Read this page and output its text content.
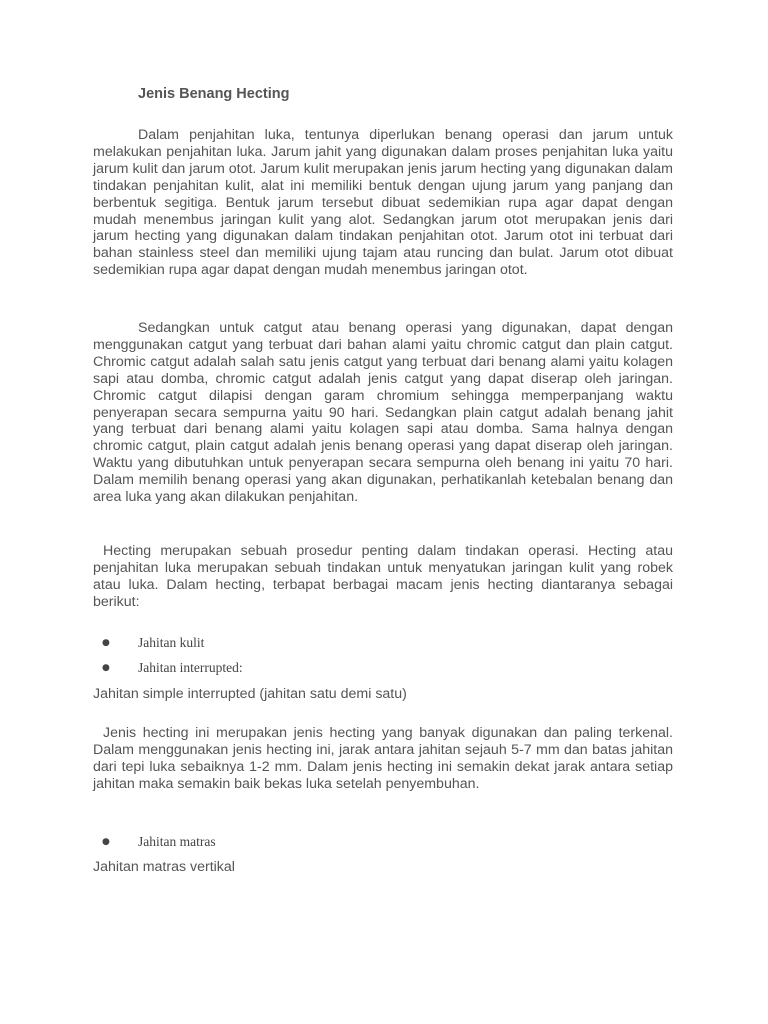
Jenis Benang Hecting

Dalam penjahitan luka, tentunya diperlukan benang operasi dan jarum untuk melakukan penjahitan luka. Jarum jahit yang digunakan dalam proses penjahitan luka yaitu jarum kulit dan jarum otot. Jarum kulit merupakan jenis jarum hecting yang digunakan dalam tindakan penjahitan kulit, alat ini memiliki bentuk dengan ujung jarum yang panjang dan berbentuk segitiga. Bentuk jarum tersebut dibuat sedemikian rupa agar dapat dengan mudah menembus jaringan kulit yang alot. Sedangkan jarum otot merupakan jenis dari jarum hecting yang digunakan dalam tindakan penjahitan otot. Jarum otot ini terbuat dari bahan stainless steel dan memiliki ujung tajam atau runcing dan bulat. Jarum otot dibuat sedemikian rupa agar dapat dengan mudah menembus jaringan otot.

Sedangkan untuk catgut atau benang operasi yang digunakan, dapat dengan menggunakan catgut yang terbuat dari bahan alami yaitu chromic catgut dan plain catgut. Chromic catgut adalah salah satu jenis catgut yang terbuat dari benang alami yaitu kolagen sapi atau domba, chromic catgut adalah jenis catgut yang dapat diserap oleh jaringan. Chromic catgut dilapisi dengan garam chromium sehingga memperpanjang waktu penyerapan secara sempurna yaitu 90 hari. Sedangkan plain catgut adalah benang jahit yang terbuat dari benang alami yaitu kolagen sapi atau domba. Sama halnya dengan chromic catgut, plain catgut adalah jenis benang operasi yang dapat diserap oleh jaringan. Waktu yang dibutuhkan untuk penyerapan secara sempurna oleh benang ini yaitu 70 hari. Dalam memilih benang operasi yang akan digunakan, perhatikanlah ketebalan benang dan area luka yang akan dilakukan penjahitan.

Hecting merupakan sebuah prosedur penting dalam tindakan operasi. Hecting atau penjahitan luka merupakan sebuah tindakan untuk menyatukan jaringan kulit yang robek atau luka. Dalam hecting, terbapat berbagai macam jenis hecting diantaranya sebagai berikut:

● Jahitan kulit

● Jahitan interrupted:

Jahitan simple interrupted (jahitan satu demi satu)

Jenis hecting ini merupakan jenis hecting yang banyak digunakan dan paling terkenal. Dalam menggunakan jenis hecting ini, jarak antara jahitan sejauh 5-7 mm dan batas jahitan dari tepi luka sebaiknya 1-2 mm. Dalam jenis hecting ini semakin dekat jarak antara setiap jahitan maka semakin baik bekas luka setelah penyembuhan.

● Jahitan matras

Jahitan matras vertikal
